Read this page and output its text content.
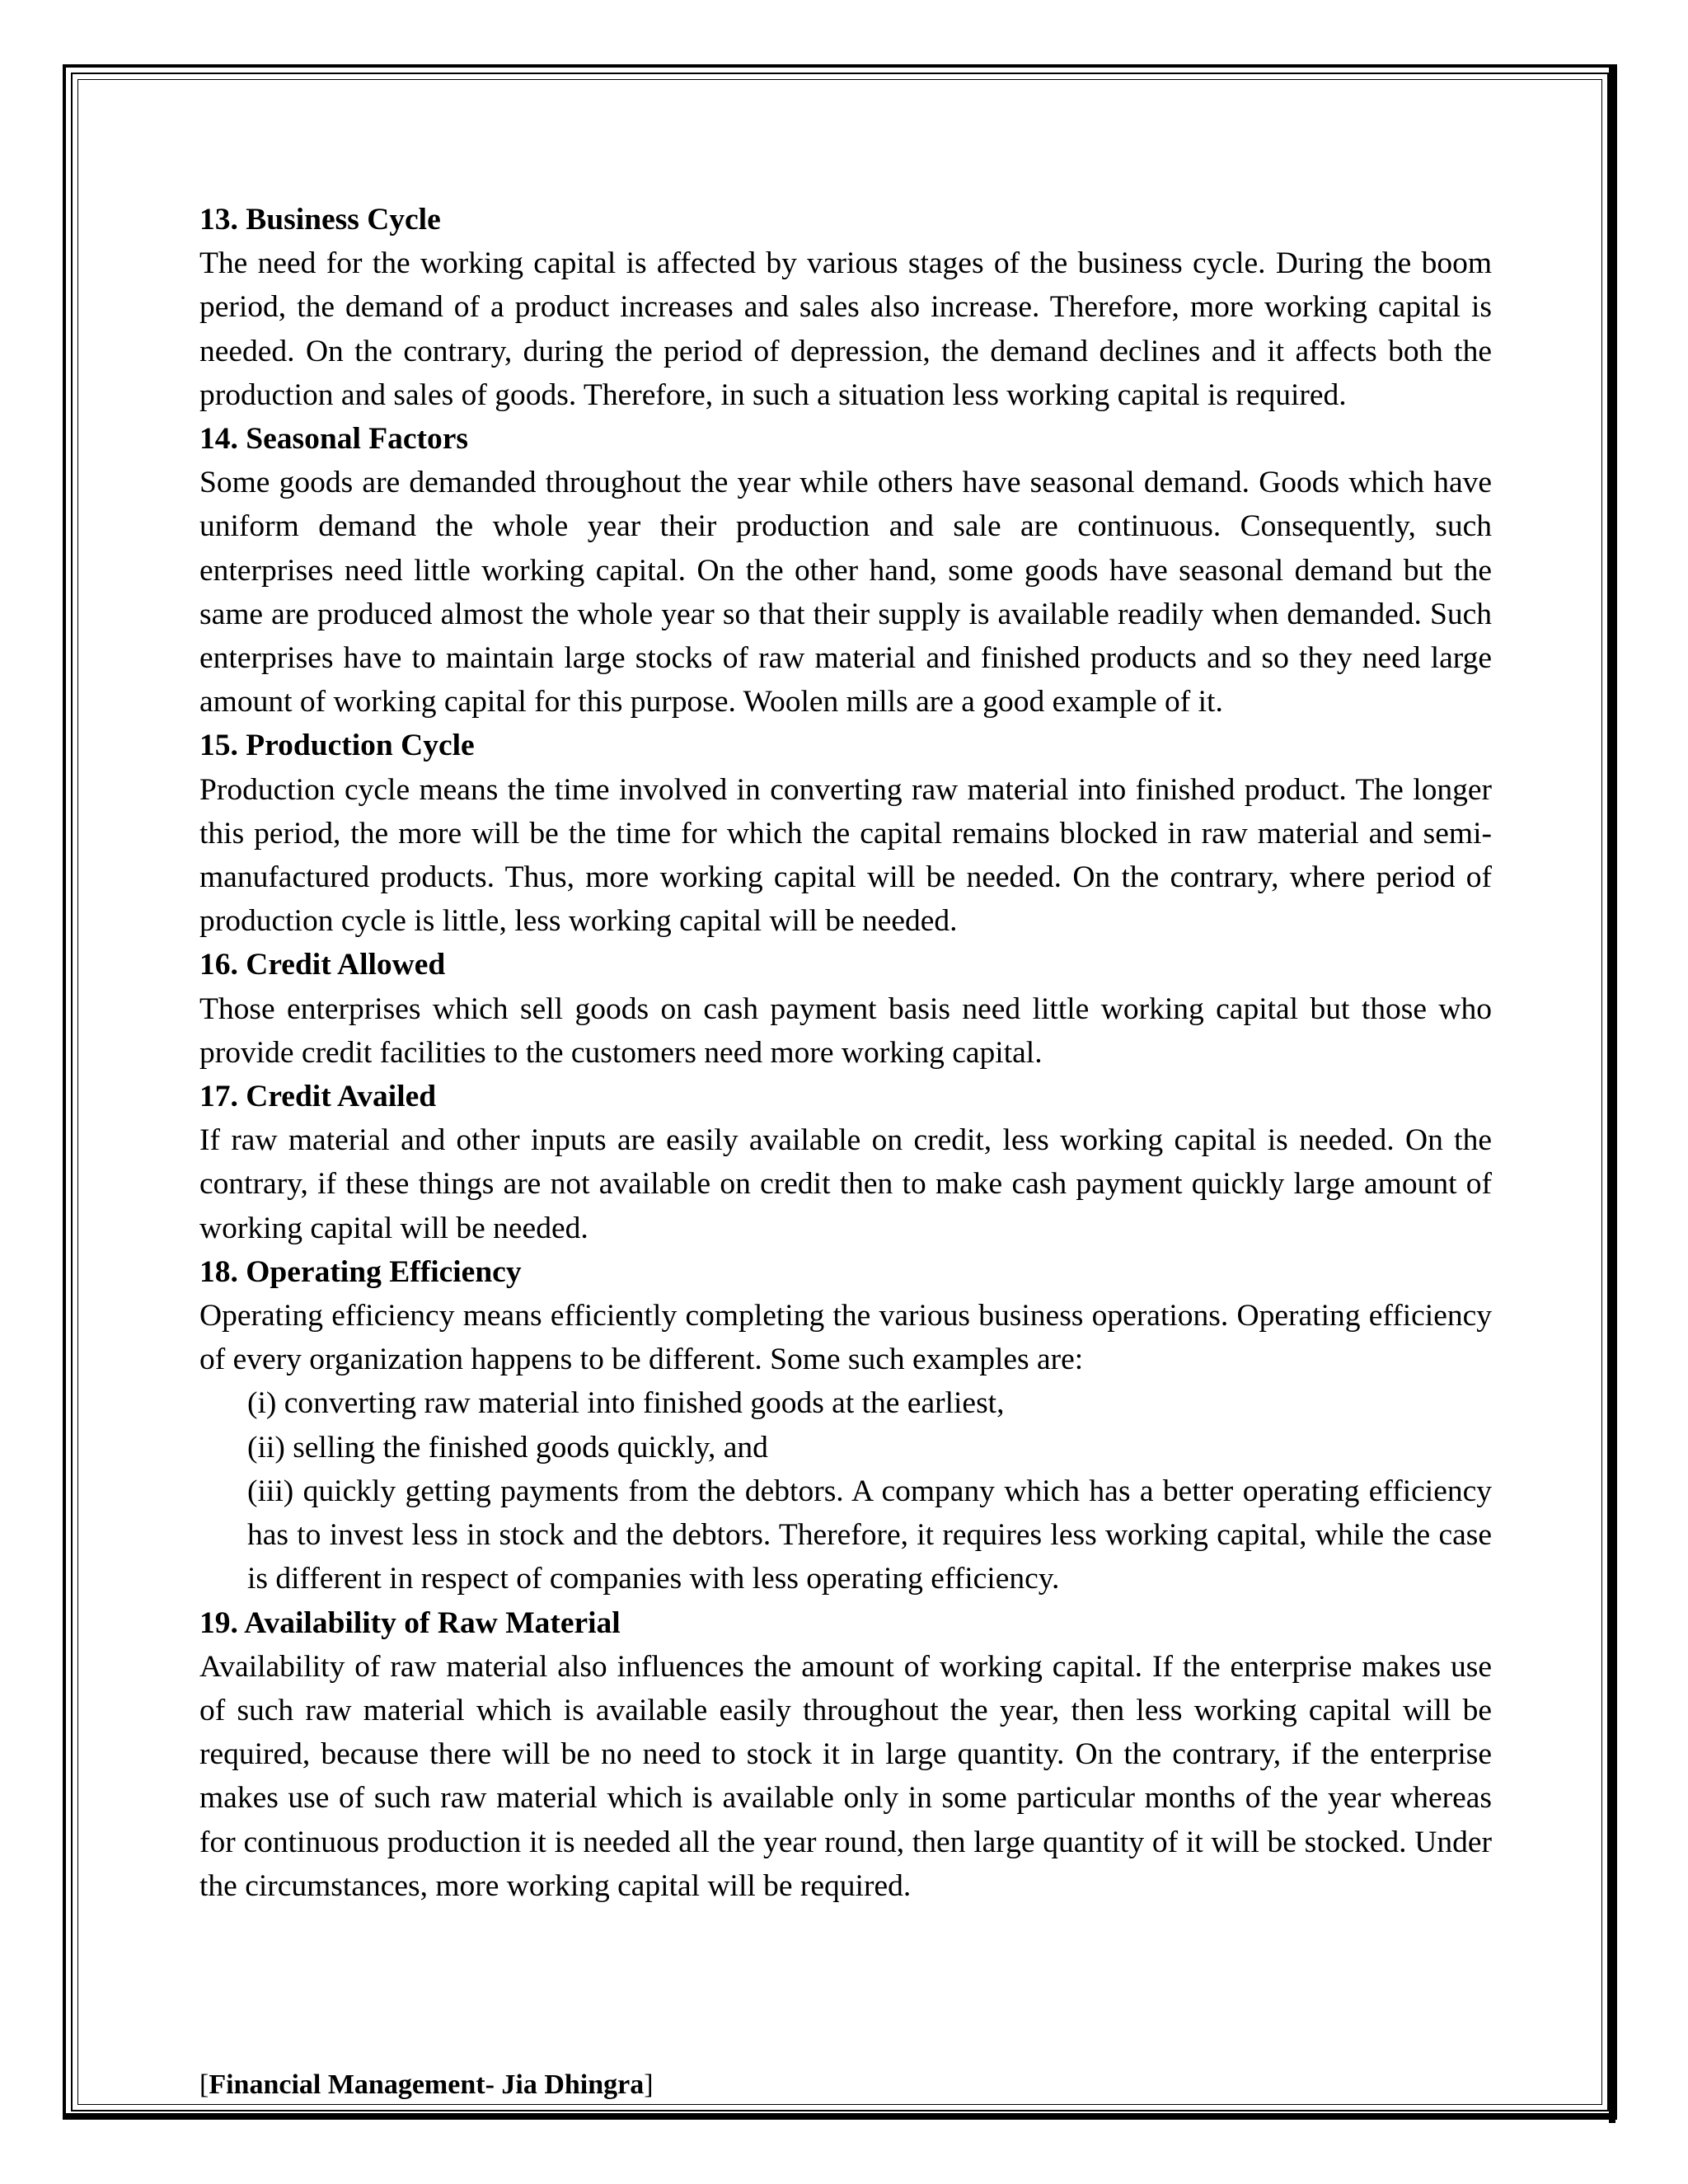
13. Business Cycle

The need for the working capital is affected by various stages of the business cycle. During the boom period, the demand of a product increases and sales also increase. Therefore, more working capital is needed. On the contrary, during the period of depression, the demand declines and it affects both the production and sales of goods. Therefore, in such a situation less working capital is required.

14. Seasonal Factors

Some goods are demanded throughout the year while others have seasonal demand. Goods which have uniform demand the whole year their production and sale are continuous. Consequently, such enterprises need little working capital. On the other hand, some goods have seasonal demand but the same are produced almost the whole year so that their supply is available readily when demanded. Such enterprises have to maintain large stocks of raw material and finished products and so they need large amount of working capital for this purpose. Woolen mills are a good example of it.

15. Production Cycle

Production cycle means the time involved in converting raw material into finished product. The longer this period, the more will be the time for which the capital remains blocked in raw material and semi-manufactured products. Thus, more working capital will be needed. On the contrary, where period of production cycle is little, less working capital will be needed.

16. Credit Allowed

Those enterprises which sell goods on cash payment basis need little working capital but those who provide credit facilities to the customers need more working capital.

17. Credit Availed

If raw material and other inputs are easily available on credit, less working capital is needed. On the contrary, if these things are not available on credit then to make cash payment quickly large amount of working capital will be needed.

18. Operating Efficiency

Operating efficiency means efficiently completing the various business operations. Operating efficiency of every organization happens to be different. Some such examples are:

(i) converting raw material into finished goods at the earliest,

(ii) selling the finished goods quickly, and

(iii) quickly getting payments from the debtors. A company which has a better operating efficiency has to invest less in stock and the debtors. Therefore, it requires less working capital, while the case is different in respect of companies with less operating efficiency.

19. Availability of Raw Material

Availability of raw material also influences the amount of working capital. If the enterprise makes use of such raw material which is available easily throughout the year, then less working capital will be required, because there will be no need to stock it in large quantity. On the contrary, if the enterprise makes use of such raw material which is available only in some particular months of the year whereas for continuous production it is needed all the year round, then large quantity of it will be stocked. Under the circumstances, more working capital will be required.

[Financial Management- Jia Dhingra]
